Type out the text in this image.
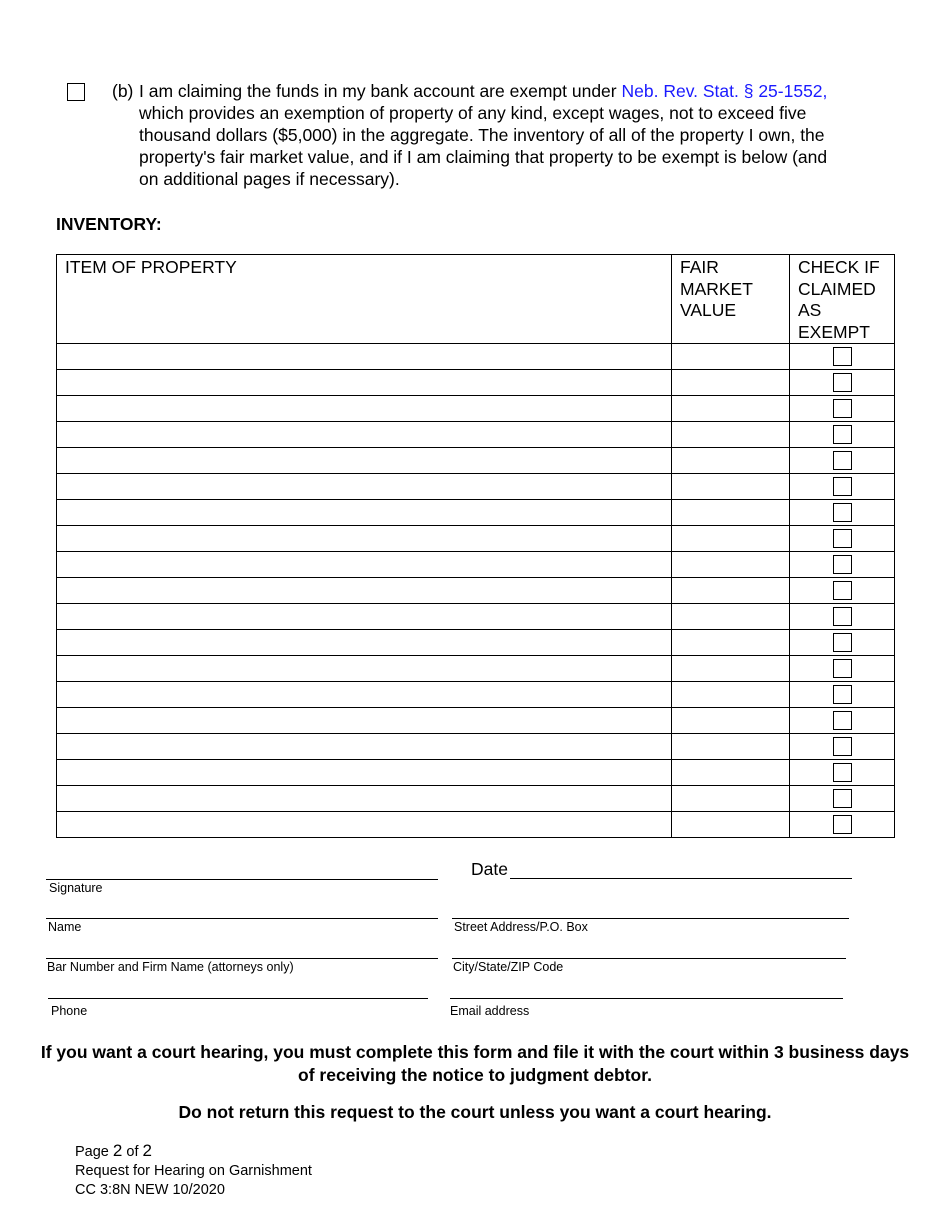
(b) I am claiming the funds in my bank account are exempt under Neb. Rev. Stat. § 25-1552,
which provides an exemption of property of any kind, except wages, not to exceed five
thousand dollars ($5,000) in the aggregate. The inventory of all of the property I own, the
property's fair market value, and if I am claiming that property to be exempt is below (and
on additional pages if necessary).
INVENTORY:
ITEM OF PROPERTY	FAIR MARKET VALUE	CHECK IF CLAIMED AS EXEMPT

Signature
Date
Name	Street Address/P.O. Box
Bar Number and Firm Name (attorneys only)	City/State/ZIP Code
Phone	Email address
If you want a court hearing, you must complete this form and file it with the court within 3 business days of receiving the notice to judgment debtor.
Do not return this request to the court unless you want a court hearing.
Page 2 of 2
Request for Hearing on Garnishment
CC 3:8N NEW 10/2020
